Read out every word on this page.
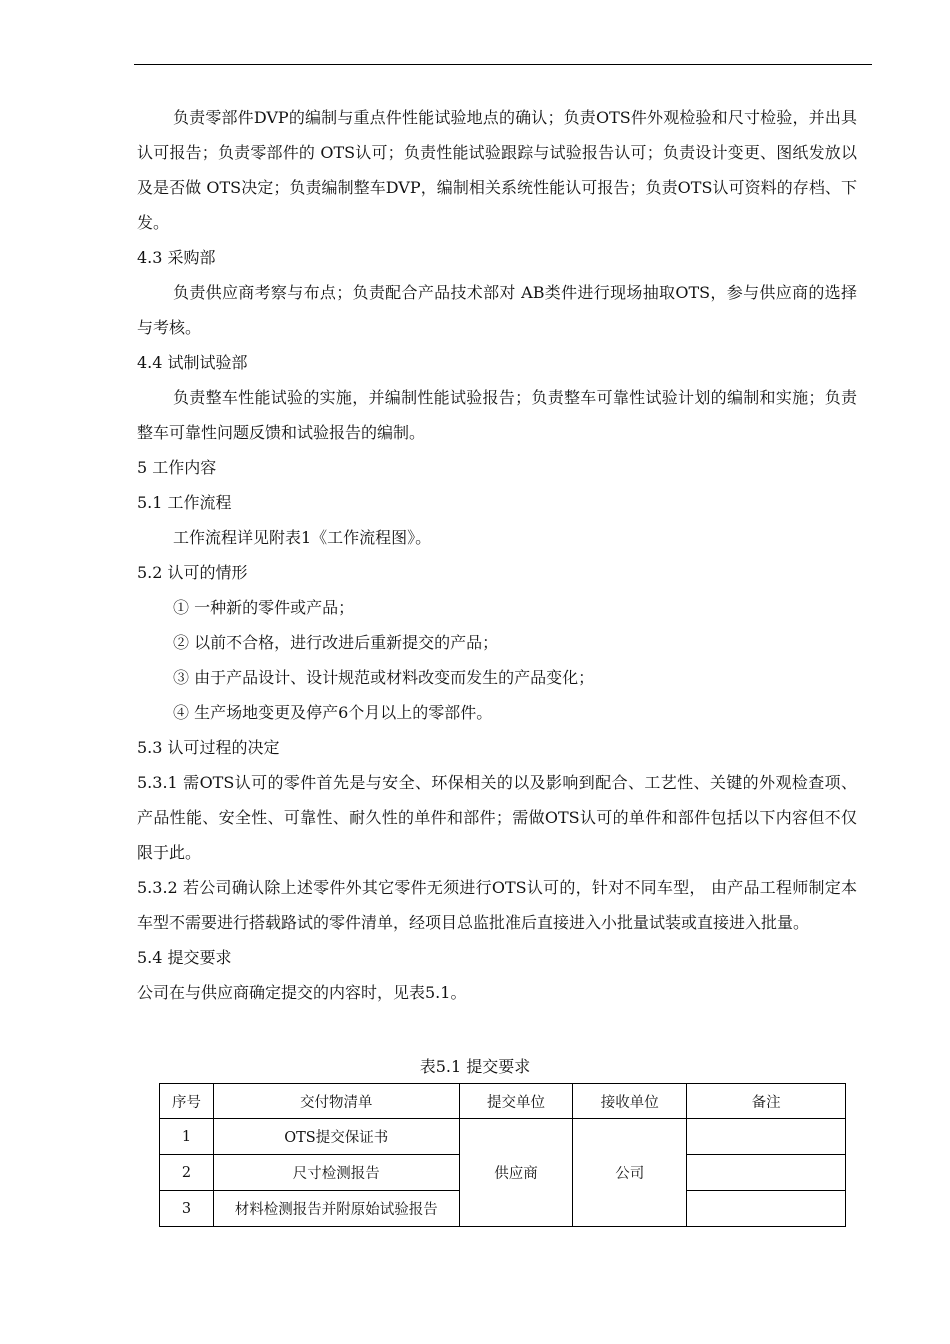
负责零部件DVP的编制与重点件性能试验地点的确认；负责OTS件外观检验和尺寸检验，并出具认可报告；负责零部件的 OTS认可；负责性能试验跟踪与试验报告认可；负责设计变更、图纸发放以及是否做 OTS决定；负责编制整车DVP，编制相关系统性能认可报告；负责OTS认可资料的存档、下发。

4.3 采购部

负责供应商考察与布点；负责配合产品技术部对 AB类件进行现场抽取OTS，参与供应商的选择与考核。

4.4 试制试验部

负责整车性能试验的实施，并编制性能试验报告；负责整车可靠性试验计划的编制和实施；负责整车可靠性问题反馈和试验报告的编制。

5 工作内容

5.1 工作流程

工作流程详见附表1《工作流程图》。

5.2 认可的情形

① 一种新的零件或产品；

② 以前不合格，进行改进后重新提交的产品；

③ 由于产品设计、设计规范或材料改变而发生的产品变化；

④ 生产场地变更及停产6个月以上的零部件。

5.3 认可过程的决定

5.3.1 需OTS认可的零件首先是与安全、环保相关的以及影响到配合、工艺性、关键的外观检查项、产品性能、安全性、可靠性、耐久性的单件和部件；需做OTS认可的单件和部件包括以下内容但不仅限于此。

5.3.2 若公司确认除上述零件外其它零件无须进行OTS认可的，针对不同车型， 由产品工程师制定本车型不需要进行搭载路试的零件清单，经项目总监批准后直接进入小批量试装或直接进入批量。

5.4 提交要求

公司在与供应商确定提交的内容时，见表5.1。

表5.1 提交要求
序号	交付物清单	提交单位	接收单位	备注
1	OTS提交保证书	供应商	公司	
2	尺寸检测报告			
3	材料检测报告并附原始试验报告			
